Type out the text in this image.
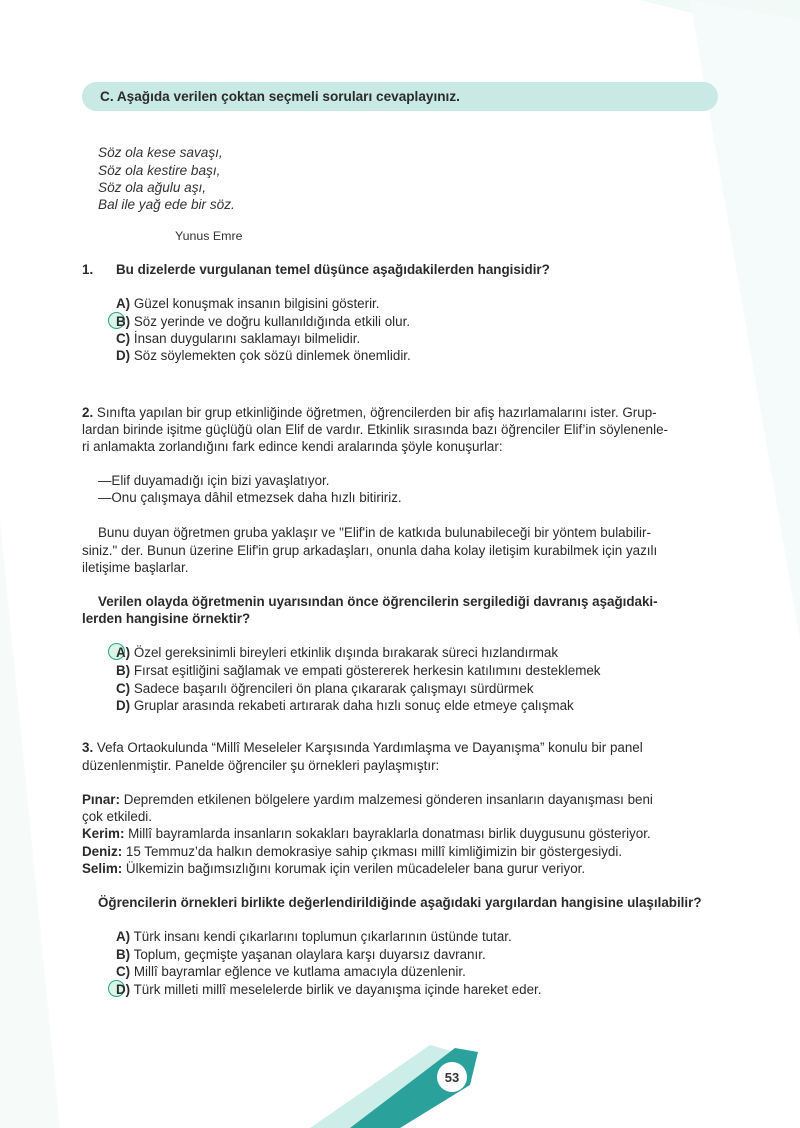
C. Aşağıda verilen çoktan seçmeli soruları cevaplayınız.
Söz ola kese savaşı,
Söz ola kestire başı,
Söz ola ağulu aşı,
Bal ile yağ ede bir söz.
Yunus Emre
1. Bu dizelerde vurgulanan temel düşünce aşağıdakilerden hangisidir?
A) Güzel konuşmak insanın bilgisini gösterir.
B) Söz yerinde ve doğru kullanıldığında etkili olur.
C) İnsan duygularını saklamayı bilmelidir.
D) Söz söylemekten çok sözü dinlemek önemlidir.
2. Sınıfta yapılan bir grup etkinliğinde öğretmen, öğrencilerden bir afiş hazırlamalarını ister. Grup-
lardan birinde işitme güçlüğü olan Elif de vardır. Etkinlik sırasında bazı öğrenciler Elif’in söylenenle-
ri anlamakta zorlandığını fark edince kendi aralarında şöyle konuşurlar:
—Elif duyamadığı için bizi yavaşlatıyor.
—Onu çalışmaya dâhil etmezsek daha hızlı bitiririz.
Bunu duyan öğretmen gruba yaklaşır ve "Elif'in de katkıda bulunabileceği bir yöntem bulabilir-
siniz." der. Bunun üzerine Elif'in grup arkadaşları, onunla daha kolay iletişim kurabilmek için yazılı
iletişime başlarlar.
Verilen olayda öğretmenin uyarısından önce öğrencilerin sergilediği davranış aşağıdaki-
lerden hangisine örnektir?
A) Özel gereksinimli bireyleri etkinlik dışında bırakarak süreci hızlandırmak
B) Fırsat eşitliğini sağlamak ve empati göstererek herkesin katılımını desteklemek
C) Sadece başarılı öğrencileri ön plana çıkararak çalışmayı sürdürmek
D) Gruplar arasında rekabeti artırarak daha hızlı sonuç elde etmeye çalışmak
3. Vefa Ortaokulunda “Millî Meseleler Karşısında Yardımlaşma ve Dayanışma” konulu bir panel
düzenlenmiştir. Panelde öğrenciler şu örnekleri paylaşmıştır:
Pınar: Depremden etkilenen bölgelere yardım malzemesi gönderen insanların dayanışması beni
çok etkiledi.
Kerim: Millî bayramlarda insanların sokakları bayraklarla donatması birlik duygusunu gösteriyor.
Deniz: 15 Temmuz’da halkın demokrasiye sahip çıkması millî kimliğimizin bir göstergesiydi.
Selim: Ülkemizin bağımsızlığını korumak için verilen mücadeleler bana gurur veriyor.
Öğrencilerin örnekleri birlikte değerlendirildiğinde aşağıdaki yargılardan hangisine ulaşılabilir?
A) Türk insanı kendi çıkarlarını toplumun çıkarlarının üstünde tutar.
B) Toplum, geçmişte yaşanan olaylara karşı duyarsız davranır.
C) Millî bayramlar eğlence ve kutlama amacıyla düzenlenir.
D) Türk milleti millî meselelerde birlik ve dayanışma içinde hareket eder.
53
